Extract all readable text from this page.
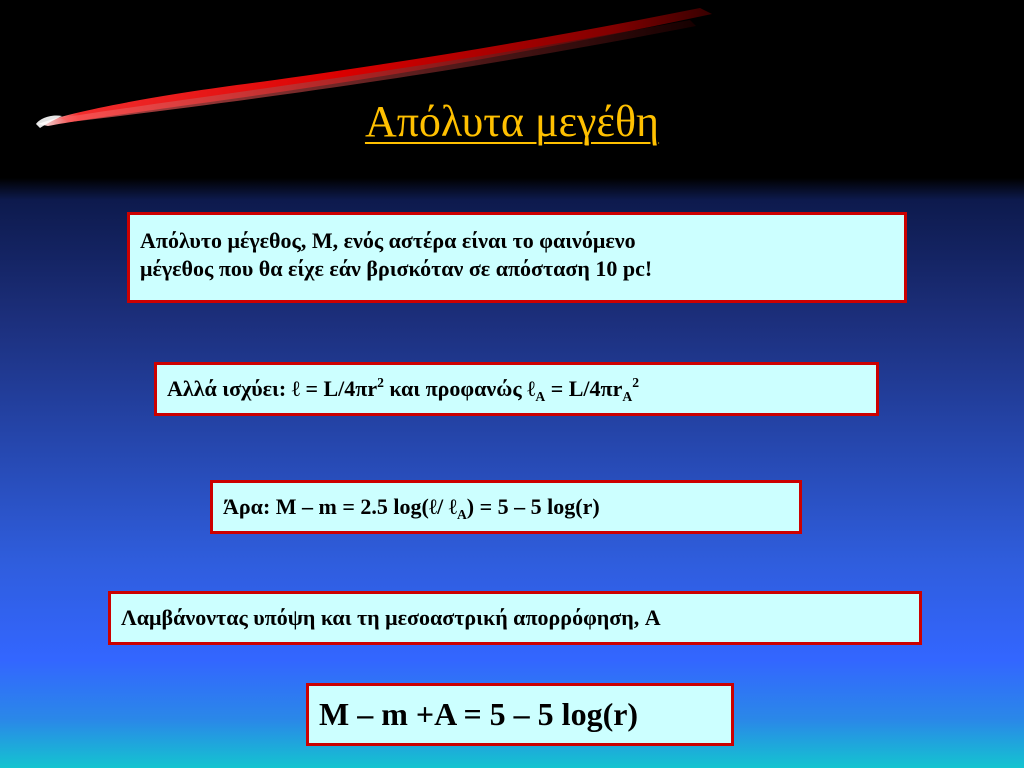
Απόλυτα μεγέθη
Απόλυτο μέγεθος, M, ενός αστέρα είναι το φαινόμενο
μέγεθος που θα είχε εάν βρισκόταν σε απόσταση 10 pc!
Αλλά ισχύει: ℓ = $L/4\pi r^2$ και προφανώς ℓ$_A$ = $L/4\pi r_A^2$
Άρα: M – m = 2.5 log(ℓ/ ℓ$_A$) = 5 – 5 log(r)
Λαμβάνοντας υπόψη και τη μεσοαστρική απορρόφηση, A
M – m +A = 5 – 5 log(r)
